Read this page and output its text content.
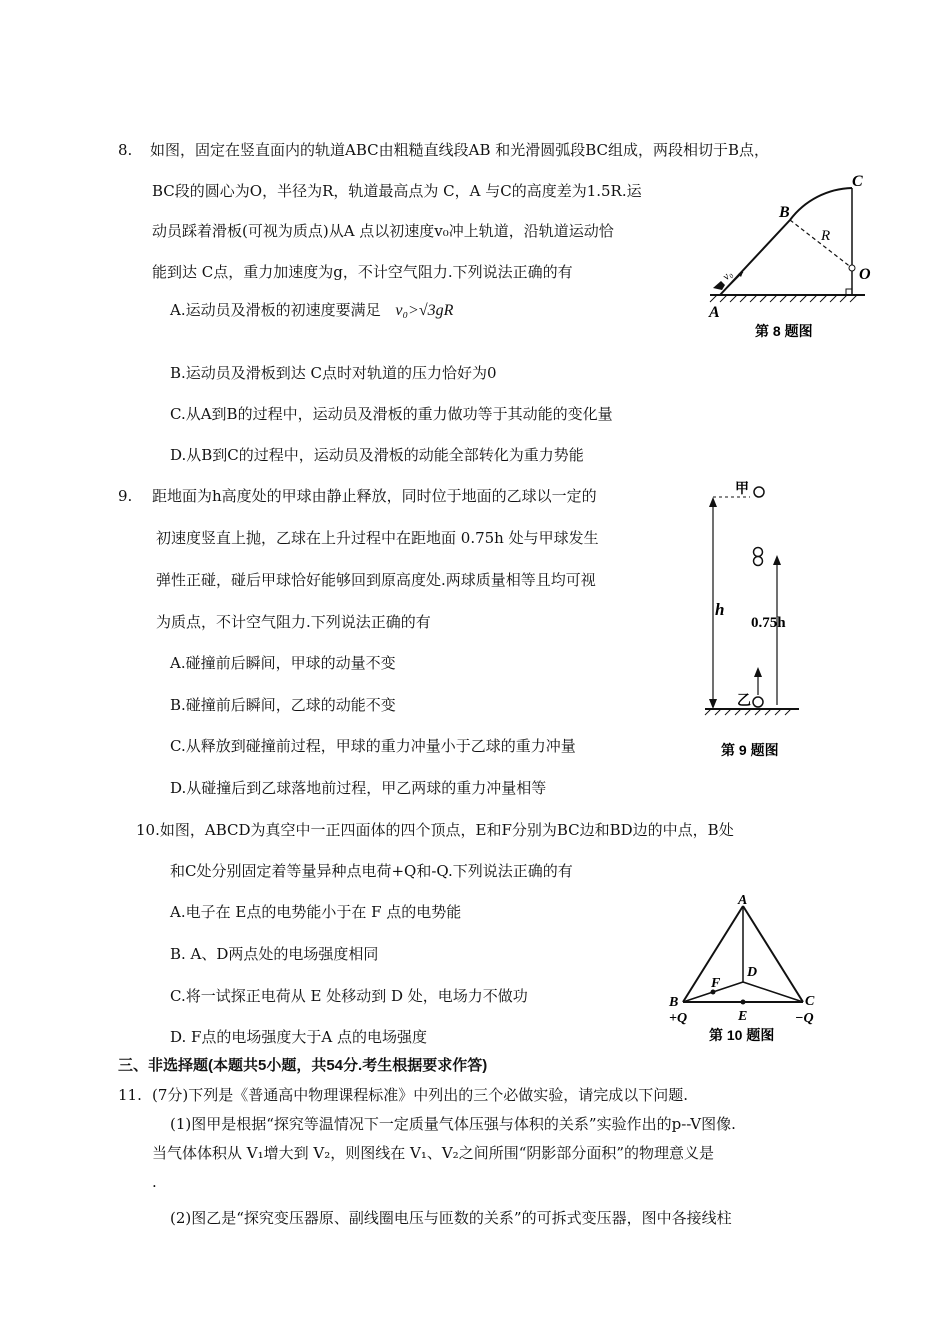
8. 如图，固定在竖直面内的轨道ABC由粗糙直线段AB 和光滑圆弧段BC组成，两段相切于B点，
BC段的圆心为O，半径为R，轨道最高点为 C，A 与C的高度差为1.5R.运
动员踩着滑板(可视为质点)从A 点以初速度v₀冲上轨道，沿轨道运动恰
能到达 C点，重力加速度为g，不计空气阻力.下列说法正确的有
A.运动员及滑板的初速度要满足 v₀>√3gR
B.运动员及滑板到达 C点时对轨道的压力恰好为0
C.从A到B的过程中，运动员及滑板的重力做功等于其动能的变化量
D.从B到C的过程中，运动员及滑板的动能全部转化为重力势能
A
B
C
O
R
v₀
第 8 题图
9. 距地面为h高度处的甲球由静止释放，同时位于地面的乙球以一定的
初速度竖直上抛，乙球在上升过程中在距地面 0.75h 处与甲球发生
弹性正碰，碰后甲球恰好能够回到原高度处.两球质量相等且均可视
为质点，不计空气阻力.下列说法正确的有
A.碰撞前后瞬间，甲球的动量不变
B.碰撞前后瞬间，乙球的动能不变
C.从释放到碰撞前过程，甲球的重力冲量小于乙球的重力冲量
D.从碰撞后到乙球落地前过程，甲乙两球的重力冲量相等
甲
h
0.75h
乙
第 9 题图
10.如图，ABCD为真空中一正四面体的四个顶点，E和F分别为BC边和BD边的中点，B处
和C处分别固定着等量异种点电荷+Q和-Q.下列说法正确的有
A.电子在 E点的电势能小于在 F 点的电势能
B. A、D两点处的电场强度相同
C.将一试探正电荷从 E 处移动到 D 处，电场力不做功
D. F点的电场强度大于A 点的电场强度
A
B	C
D
E
F
+Q	−Q
第 10 题图
三、非选择题(本题共5小题，共54分.考生根据要求作答)
11. (7分)下列是《普通高中物理课程标准》中列出的三个必做实验，请完成以下问题.
(1)图甲是根据“探究等温情况下一定质量气体压强与体积的关系”实验作出的p--V图像.
当气体体积从 V₁增大到 V₂，则图线在 V₁、V₂之间所围“阴影部分面积”的物理意义是
.
(2)图乙是“探究变压器原、副线圈电压与匝数的关系”的可拆式变压器，图中各接线柱
